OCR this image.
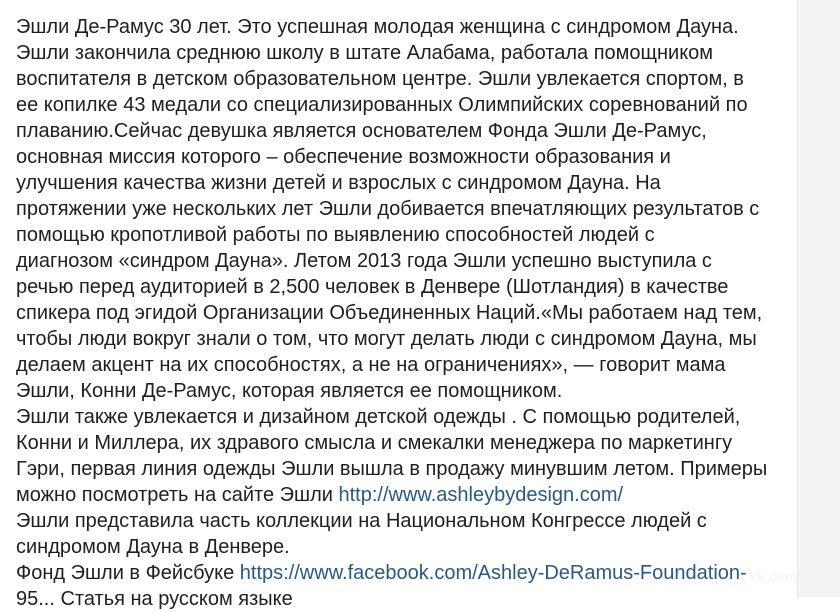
Эшли Де-Рамус 30 лет. Это успешная молодая женщина с синдромом Дауна.
Эшли закончила среднюю школу в штате Алабама, работала помощником
воспитателя в детском образовательном центре. Эшли увлекается спортом, в
ее копилке 43 медали со специализированных Олимпийских соревнований по
плаванию.Сейчас девушка является основателем Фонда Эшли Де-Рамус,
основная миссия которого – обеспечение возможности образования и
улучшения качества жизни детей и взрослых с синдромом Дауна. На
протяжении уже нескольких лет Эшли добивается впечатляющих результатов с
помощью кропотливой работы по выявлению способностей людей с
диагнозом «синдром Дауна». Летом 2013 года Эшли успешно выступила с
речью перед аудиторией в 2,500 человек в Денвере (Шотландия) в качестве
спикера под эгидой Организации Объединенных Наций.«Мы работаем над тем,
чтобы люди вокруг знали о том, что могут делать люди с синдромом Дауна, мы
делаем акцент на их способностях, а не на ограничениях», — говорит мама
Эшли, Конни Де-Рамус, которая является ее помощником.
Эшли также увлекается и дизайном детской одежды . С помощью родителей,
Конни и Миллера, их здравого смысла и смекалки менеджера по маркетингу
Гэри, первая линия одежды Эшли вышла в продажу минувшим летом. Примеры
можно посмотреть на сайте Эшли http://www.ashleybydesign.com/
Эшли представила часть коллекции на Национальном Конгрессе людей с
синдромом Дауна в Денвере.
Фонд Эшли в Фейсбуке https://www.facebook.com/Ashley-DeRamus-Foundation-
95... Статья на русском языке
vk.com
